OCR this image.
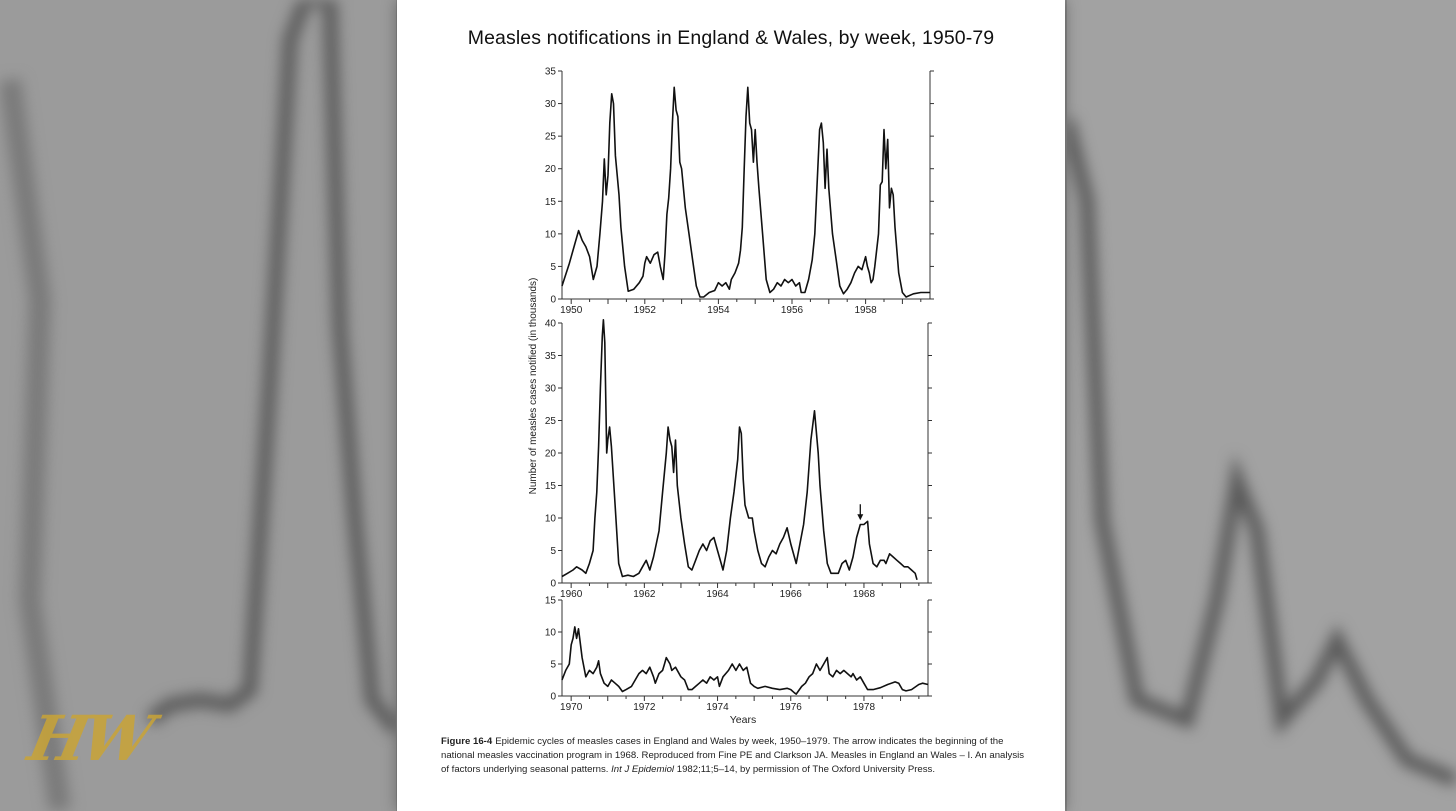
HW
Measles notifications in England & Wales, by week, 1950-79
0
5
10
15
20
25
30
35
1950	1952	1954	1956	1958
0
5
10
15
20
25
30
35
40
1960	1962	1964	1966	1968
0
5
10
15
1970	1972	1974	1976	1978
Years
Number of measles cases notified (in thousands)

Figure 16-4 Epidemic cycles of measles cases in England and Wales by week, 1950–1979. The arrow indicates the beginning of the national measles vaccination program in 1968. Reproduced from Fine PE and Clarkson JA. Measles in England an Wales – I. An analysis of factors underlying seasonal patterns. Int J Epidemiol 1982;11;5–14, by permission of The Oxford University Press.
